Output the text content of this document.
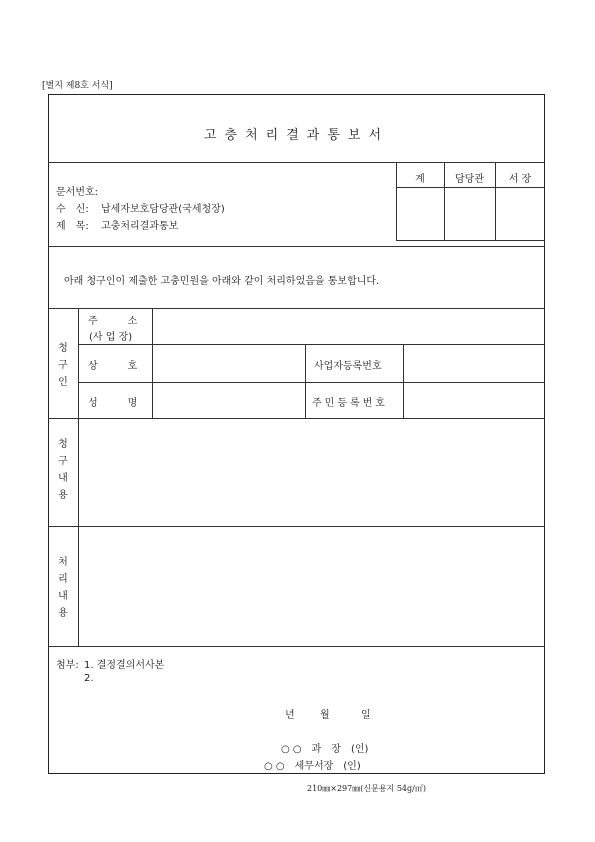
[별지 제8호 서식]
고충처리결과통보서
계	담당관	서 장
문서번호:
수　신: 납세자보호담당관(국세청장)
제　목: 고충처리결과통보
아래 청구인이 제출한 고충민원을 아래와 같이 처리하었음을 통보합니다.
청구인
주　　　소
(사 업 장)
상　　　호	사업자등록번호
성　　　명	주민등록번호
청구내용
처리내용
첨부: 1. 결정결의서사본
2.
년	월	일
○ ○　과　장　(인)
○ ○　세무서장　(인)
210㎜×297㎜(신문용지 54g/㎡)
